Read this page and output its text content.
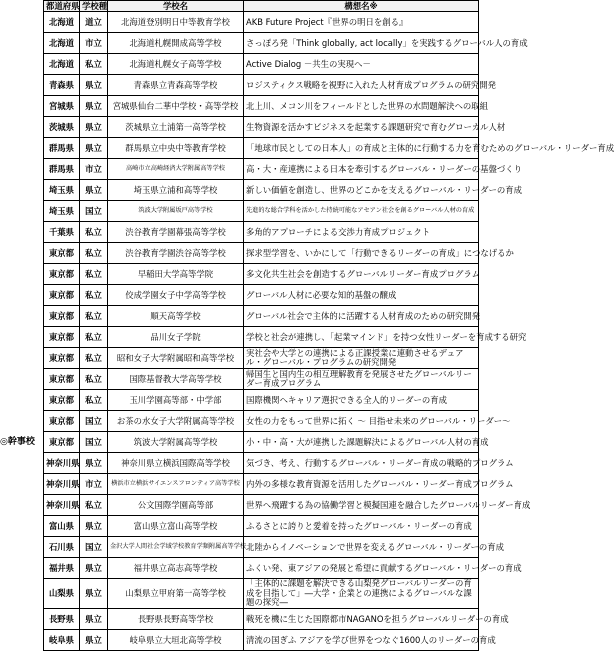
◎幹事校
都道府県	学校種	学校名	構想名※
北海道	道立	北海道登別明日中等教育学校	AKB Future Project『世界の明日を創る』
北海道	市立	北海道札幌開成高等学校	さっぽろ発「Think globally, act locally」を実践するグローバル人の育成
北海道	私立	北海道札幌女子高等学校	Active Dialog －共生の実現へ－
青森県	県立	青森県立青森高等学校	ロジスティクス戦略を視野に入れた人材育成プログラムの研究開発
宮城県	県立	宮城県仙台二華中学校・高等学校	北上川、メコン川をフィールドとした世界の水問題解決への取組
茨城県	県立	茨城県立土浦第一高等学校	生物資源を活かすビジネスを起業する課題研究で育むグローカル人材
群馬県	県立	群馬県立中央中等教育学校	「地球市民としての日本人」の育成と主体的に行動する力を育むためのグローバル・リーダー育成
群馬県	市立	高崎市立高崎経済大学附属高等学校	高・大・産連携による日本を牽引するグローバル・リーダーの基盤づくり
埼玉県	県立	埼玉県立浦和高等学校	新しい価値を創造し、世界のどこかを支えるグローバル・リーダーの育成
埼玉県	国立	筑波大学附属坂戸高等学校	先進的な総合学科を活かした持続可能なアセアン社会を創るグローバル人材の育成
千葉県	私立	渋谷教育学園幕張高等学校	多角的アプローチによる交渉力育成プロジェクト
東京都	私立	渋谷教育学園渋谷高等学校	探求型学習を、いかにして「行動できるリーダーの育成」につなげるか
東京都	私立	早稲田大学高等学院	多文化共生社会を創造するグローバルリーダー育成プログラム
東京都	私立	佼成学園女子中学高等学校	グローバル人材に必要な知的基盤の醸成
東京都	私立	順天高等学校	グローバル社会で主体的に活躍する人材育成のための研究開発
東京都	私立	品川女子学院	学校と社会が連携し、「起業マインド」を持つ女性リーダーを育成する研究
東京都	私立	昭和女子大学附属昭和高等学校	実社会や大学との連携による正課授業に連動させるデュアル・グローバル・プログラムの研究開発
東京都	私立	国際基督教大学高等学校	帰国生と国内生の相互理解教育を発展させたグローバルリーダー育成プログラム
東京都	私立	玉川学園高等部・中学部	国際機関へキャリア選択できる全人的リーダーの育成
東京都	国立	お茶の水女子大学附属高等学校	女性の力をもって世界に拓く ～ 目指せ未来のグローバル・リーダー～
東京都	国立	筑波大学附属高等学校	小・中・高・大が連携した課題解決によるグローバル人材の育成
神奈川県	県立	神奈川県立横浜国際高等学校	気づき、考え、行動するグローバル・リーダー育成の戦略的プログラム
神奈川県	市立	横浜市立横浜サイエンスフロンティア高等学校	内外の多様な教育資源を活用したグローバル・リーダー育成プログラム
神奈川県	私立	公文国際学園高等部	世界へ飛躍する為の協働学習と模擬国連を融合したグローバルリーダー育成
富山県	県立	富山県立富山高等学校	ふるさとに誇りと愛着を持ったグローバル・リーダーの育成
石川県	国立	金沢大学人間社会学域学校教育学類附属高等学校	北陸からイノベーションで世界を変えるグローバル・リーダーの育成
福井県	県立	福井県立高志高等学校	ふくい発、東アジアの発展と希望に貢献するグローバル・リーダーの育成
山梨県	県立	山梨県立甲府第一高等学校	「主体的に課題を解決できる山梨発グローバルリーダーの育成を目指して」―大学・企業との連携によるグローバルな課題の探究―
長野県	県立	長野県長野高等学校	戦死を機に生じた国際都市NAGANOを担うグローバルリーダーの育成
岐阜県	県立	岐阜県立大垣北高等学校	清流の国ぎふ アジアを学び世界をつなぐ1600人のリーダーの育成
